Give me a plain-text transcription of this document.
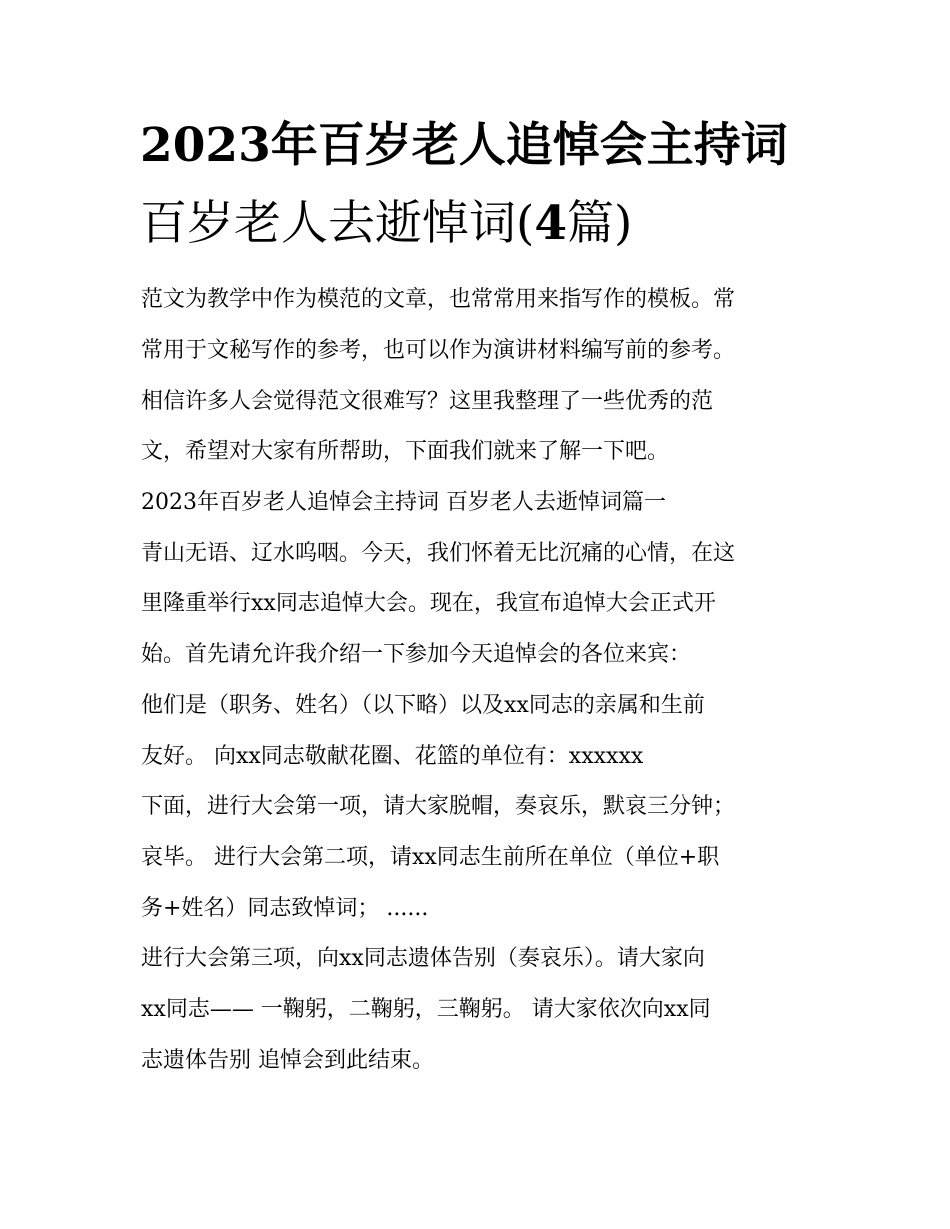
2023年百岁老人追悼会主持词
百岁老人去逝悼词(4篇)

范文为教学中作为模范的文章，也常常用来指写作的模板。常

常用于文秘写作的参考，也可以作为演讲材料编写前的参考。

相信许多人会觉得范文很难写？这里我整理了一些优秀的范

文，希望对大家有所帮助，下面我们就来了解一下吧。

2023年百岁老人追悼会主持词 百岁老人去逝悼词篇一

青山无语、辽水呜咽。今天，我们怀着无比沉痛的心情，在这

里隆重举行xx同志追悼大会。现在，我宣布追悼大会正式开

始。首先请允许我介绍一下参加今天追悼会的各位来宾：

他们是（职务、姓名）（以下略）以及xx同志的亲属和生前

友好。 向xx同志敬献花圈、花篮的单位有：xxxxxx

下面，进行大会第一项，请大家脱帽，奏哀乐，默哀三分钟；

哀毕。 进行大会第二项，请xx同志生前所在单位（单位+职

务+姓名）同志致悼词； ......

进行大会第三项，向xx同志遗体告别（奏哀乐）。请大家向

xx同志—— 一鞠躬，二鞠躬，三鞠躬。 请大家依次向xx同

志遗体告别 追悼会到此结束。
